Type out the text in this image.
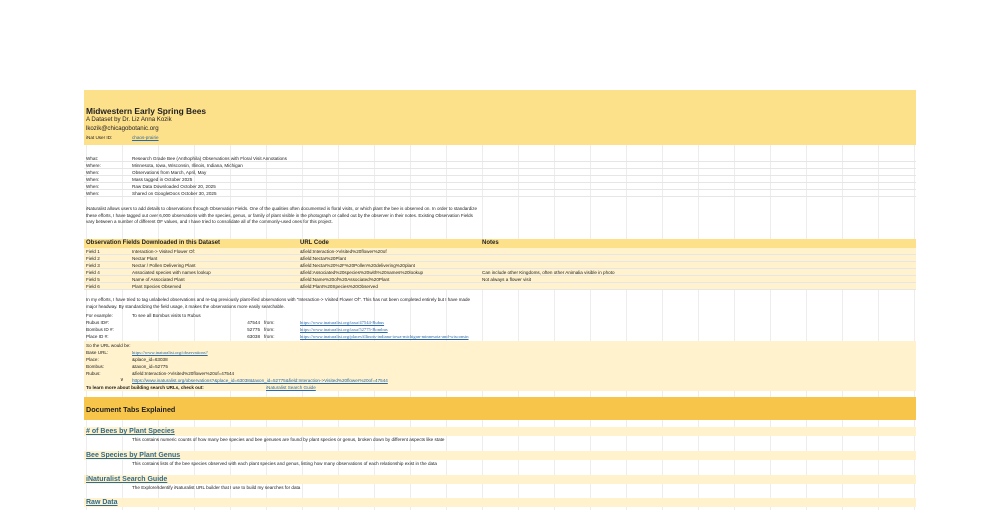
Midwestern Early Spring Bees
A Dataset by Dr. Liz Anna Kozik
lkozik@chicagobotanic.org
iNat User ID:	chaos-prairie
What:	Research Grade Bee (Anthophila) Observations with Floral Visit Annotations
Where:	Minnesota, Iowa, Wisconsin, Illinois, Indiana, Michigan
When:	Observations from March, April, May
When:	Mass tagged in October 2025
When:	Raw Data Downloaded October 20, 2025
When:	Shared on GoogleDocs October 30, 2025
iNaturalist allows users to add details to observations through Observation Fields. One of the qualities often documented is floral visits, or which plant the bee is observed on. In order to standardize these efforts, I have tagged out over 6,000 observations with the species, genus, or family of plant visible in the photograph or called out by the observer in their notes. Existing Observation Fields vary between a number of different OF values, and I have tried to consolidate all of the commonly-used ones for this project.
Observation Fields Downloaded in this Dataset	URL Code	Notes
Field 1	Interaction-> Visited Flower Of:	&field:Interaction->Visited%20flower%20of
Field 2	Nectar Plant	&field:Nectar%20Plant
Field 3	Nectar / Pollen Delivering Plant	&field:Nectar%20%2F%20Pollen%20delivering%20plant
Field 4	Associated species with names lookup	&field:Associated%20species%20with%20names%20lookup	Can include other Kingdoms, often other Animalia visible in photo
Field 5	Name of Associated Plant	&field:Name%20of%20Associated%20Plant	Not always a flower visit
Field 6	Plant Species Observed	&field:Plant%20Species%20Observed
In my efforts, I have tried to tag unlabeled observations and re-tag previously plant-ified observations with "Interaction-> Visited Flower Of". This has not been completed entirely but I have made major headway. By standardizing the field usage, it makes the observations more easily searchable.
For example:	To see all Bombus visits to Rubus
Rubus ID#:	47544 from:	https://www.inaturalist.org/taxa/47544-Rubus
Bombus ID #:	52775 from:	https://www.inaturalist.org/taxa/52775-Bombus
Place ID #:	63038 from:	https://www.inaturalist.org/places/illinois-indiana-iowa-michigan-minnesota-and-wisconsin
So the URL would be:
Base URL:	https://www.inaturalist.org/observations?
Place:	&place_id=63038
Bombus:	&taxon_id=52775
Rubus:	&field:Interaction->Visited%20flower%20of=47544
∨	https://www.inaturalist.org/observations?&place_id=63038&taxon_id=52775&field:Interaction->Visited%20flower%20of=47544
To learn more about building search URLs, check out:	iNaturalist Search Guide
Document Tabs Explained
# of Bees by Plant Species
This contains numeric counts of how many bee species and bee genuses are found by plant species or genus, broken down by different aspects like state
Bee Species by Plant Genus
This contains lists of the bee species observed with each plant species and genus, listing how many observations of each relationship exist in the data
iNaturalist Search Guide
The Explore/Identify iNaturalist URL builder that I use to build my searches for data
Raw Data
